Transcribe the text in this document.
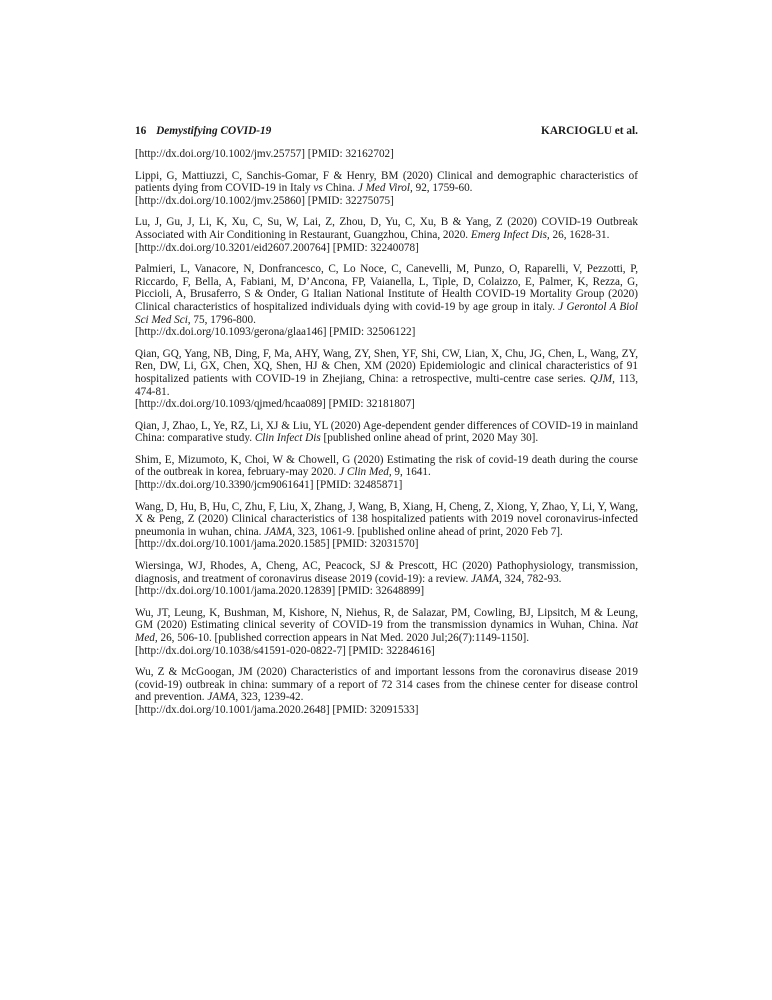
16 Demystifying COVID-19	KARCIOGLU et al.

[http://dx.doi.org/10.1002/jmv.25757] [PMID: 32162702]

Lippi, G, Mattiuzzi, C, Sanchis-Gomar, F & Henry, BM (2020) Clinical and demographic characteristics of patients dying from COVID-19 in Italy vs China. J Med Virol, 92, 1759-60.
[http://dx.doi.org/10.1002/jmv.25860] [PMID: 32275075]

Lu, J, Gu, J, Li, K, Xu, C, Su, W, Lai, Z, Zhou, D, Yu, C, Xu, B & Yang, Z (2020) COVID-19 Outbreak Associated with Air Conditioning in Restaurant, Guangzhou, China, 2020. Emerg Infect Dis, 26, 1628-31.
[http://dx.doi.org/10.3201/eid2607.200764] [PMID: 32240078]

Palmieri, L, Vanacore, N, Donfrancesco, C, Lo Noce, C, Canevelli, M, Punzo, O, Raparelli, V, Pezzotti, P, Riccardo, F, Bella, A, Fabiani, M, D’Ancona, FP, Vaianella, L, Tiple, D, Colaizzo, E, Palmer, K, Rezza, G, Piccioli, A, Brusaferro, S & Onder, G Italian National Institute of Health COVID-19 Mortality Group (2020) Clinical characteristics of hospitalized individuals dying with covid-19 by age group in italy. J Gerontol A Biol Sci Med Sci, 75, 1796-800.
[http://dx.doi.org/10.1093/gerona/glaa146] [PMID: 32506122]

Qian, GQ, Yang, NB, Ding, F, Ma, AHY, Wang, ZY, Shen, YF, Shi, CW, Lian, X, Chu, JG, Chen, L, Wang, ZY, Ren, DW, Li, GX, Chen, XQ, Shen, HJ & Chen, XM (2020) Epidemiologic and clinical characteristics of 91 hospitalized patients with COVID-19 in Zhejiang, China: a retrospective, multi-centre case series. QJM, 113, 474-81.
[http://dx.doi.org/10.1093/qjmed/hcaa089] [PMID: 32181807]

Qian, J, Zhao, L, Ye, RZ, Li, XJ & Liu, YL (2020) Age-dependent gender differences of COVID-19 in mainland China: comparative study. Clin Infect Dis [published online ahead of print, 2020 May 30].

Shim, E, Mizumoto, K, Choi, W & Chowell, G (2020) Estimating the risk of covid-19 death during the course of the outbreak in korea, february-may 2020. J Clin Med, 9, 1641.
[http://dx.doi.org/10.3390/jcm9061641] [PMID: 32485871]

Wang, D, Hu, B, Hu, C, Zhu, F, Liu, X, Zhang, J, Wang, B, Xiang, H, Cheng, Z, Xiong, Y, Zhao, Y, Li, Y, Wang, X & Peng, Z (2020) Clinical characteristics of 138 hospitalized patients with 2019 novel coronavirus-infected pneumonia in wuhan, china. JAMA, 323, 1061-9. [published online ahead of print, 2020 Feb 7].
[http://dx.doi.org/10.1001/jama.2020.1585] [PMID: 32031570]

Wiersinga, WJ, Rhodes, A, Cheng, AC, Peacock, SJ & Prescott, HC (2020) Pathophysiology, transmission, diagnosis, and treatment of coronavirus disease 2019 (covid-19): a review. JAMA, 324, 782-93.
[http://dx.doi.org/10.1001/jama.2020.12839] [PMID: 32648899]

Wu, JT, Leung, K, Bushman, M, Kishore, N, Niehus, R, de Salazar, PM, Cowling, BJ, Lipsitch, M & Leung, GM (2020) Estimating clinical severity of COVID-19 from the transmission dynamics in Wuhan, China. Nat Med, 26, 506-10. [published correction appears in Nat Med. 2020 Jul;26(7):1149-1150].
[http://dx.doi.org/10.1038/s41591-020-0822-7] [PMID: 32284616]

Wu, Z & McGoogan, JM (2020) Characteristics of and important lessons from the coronavirus disease 2019 (covid-19) outbreak in china: summary of a report of 72 314 cases from the chinese center for disease control and prevention. JAMA, 323, 1239-42.
[http://dx.doi.org/10.1001/jama.2020.2648] [PMID: 32091533]
